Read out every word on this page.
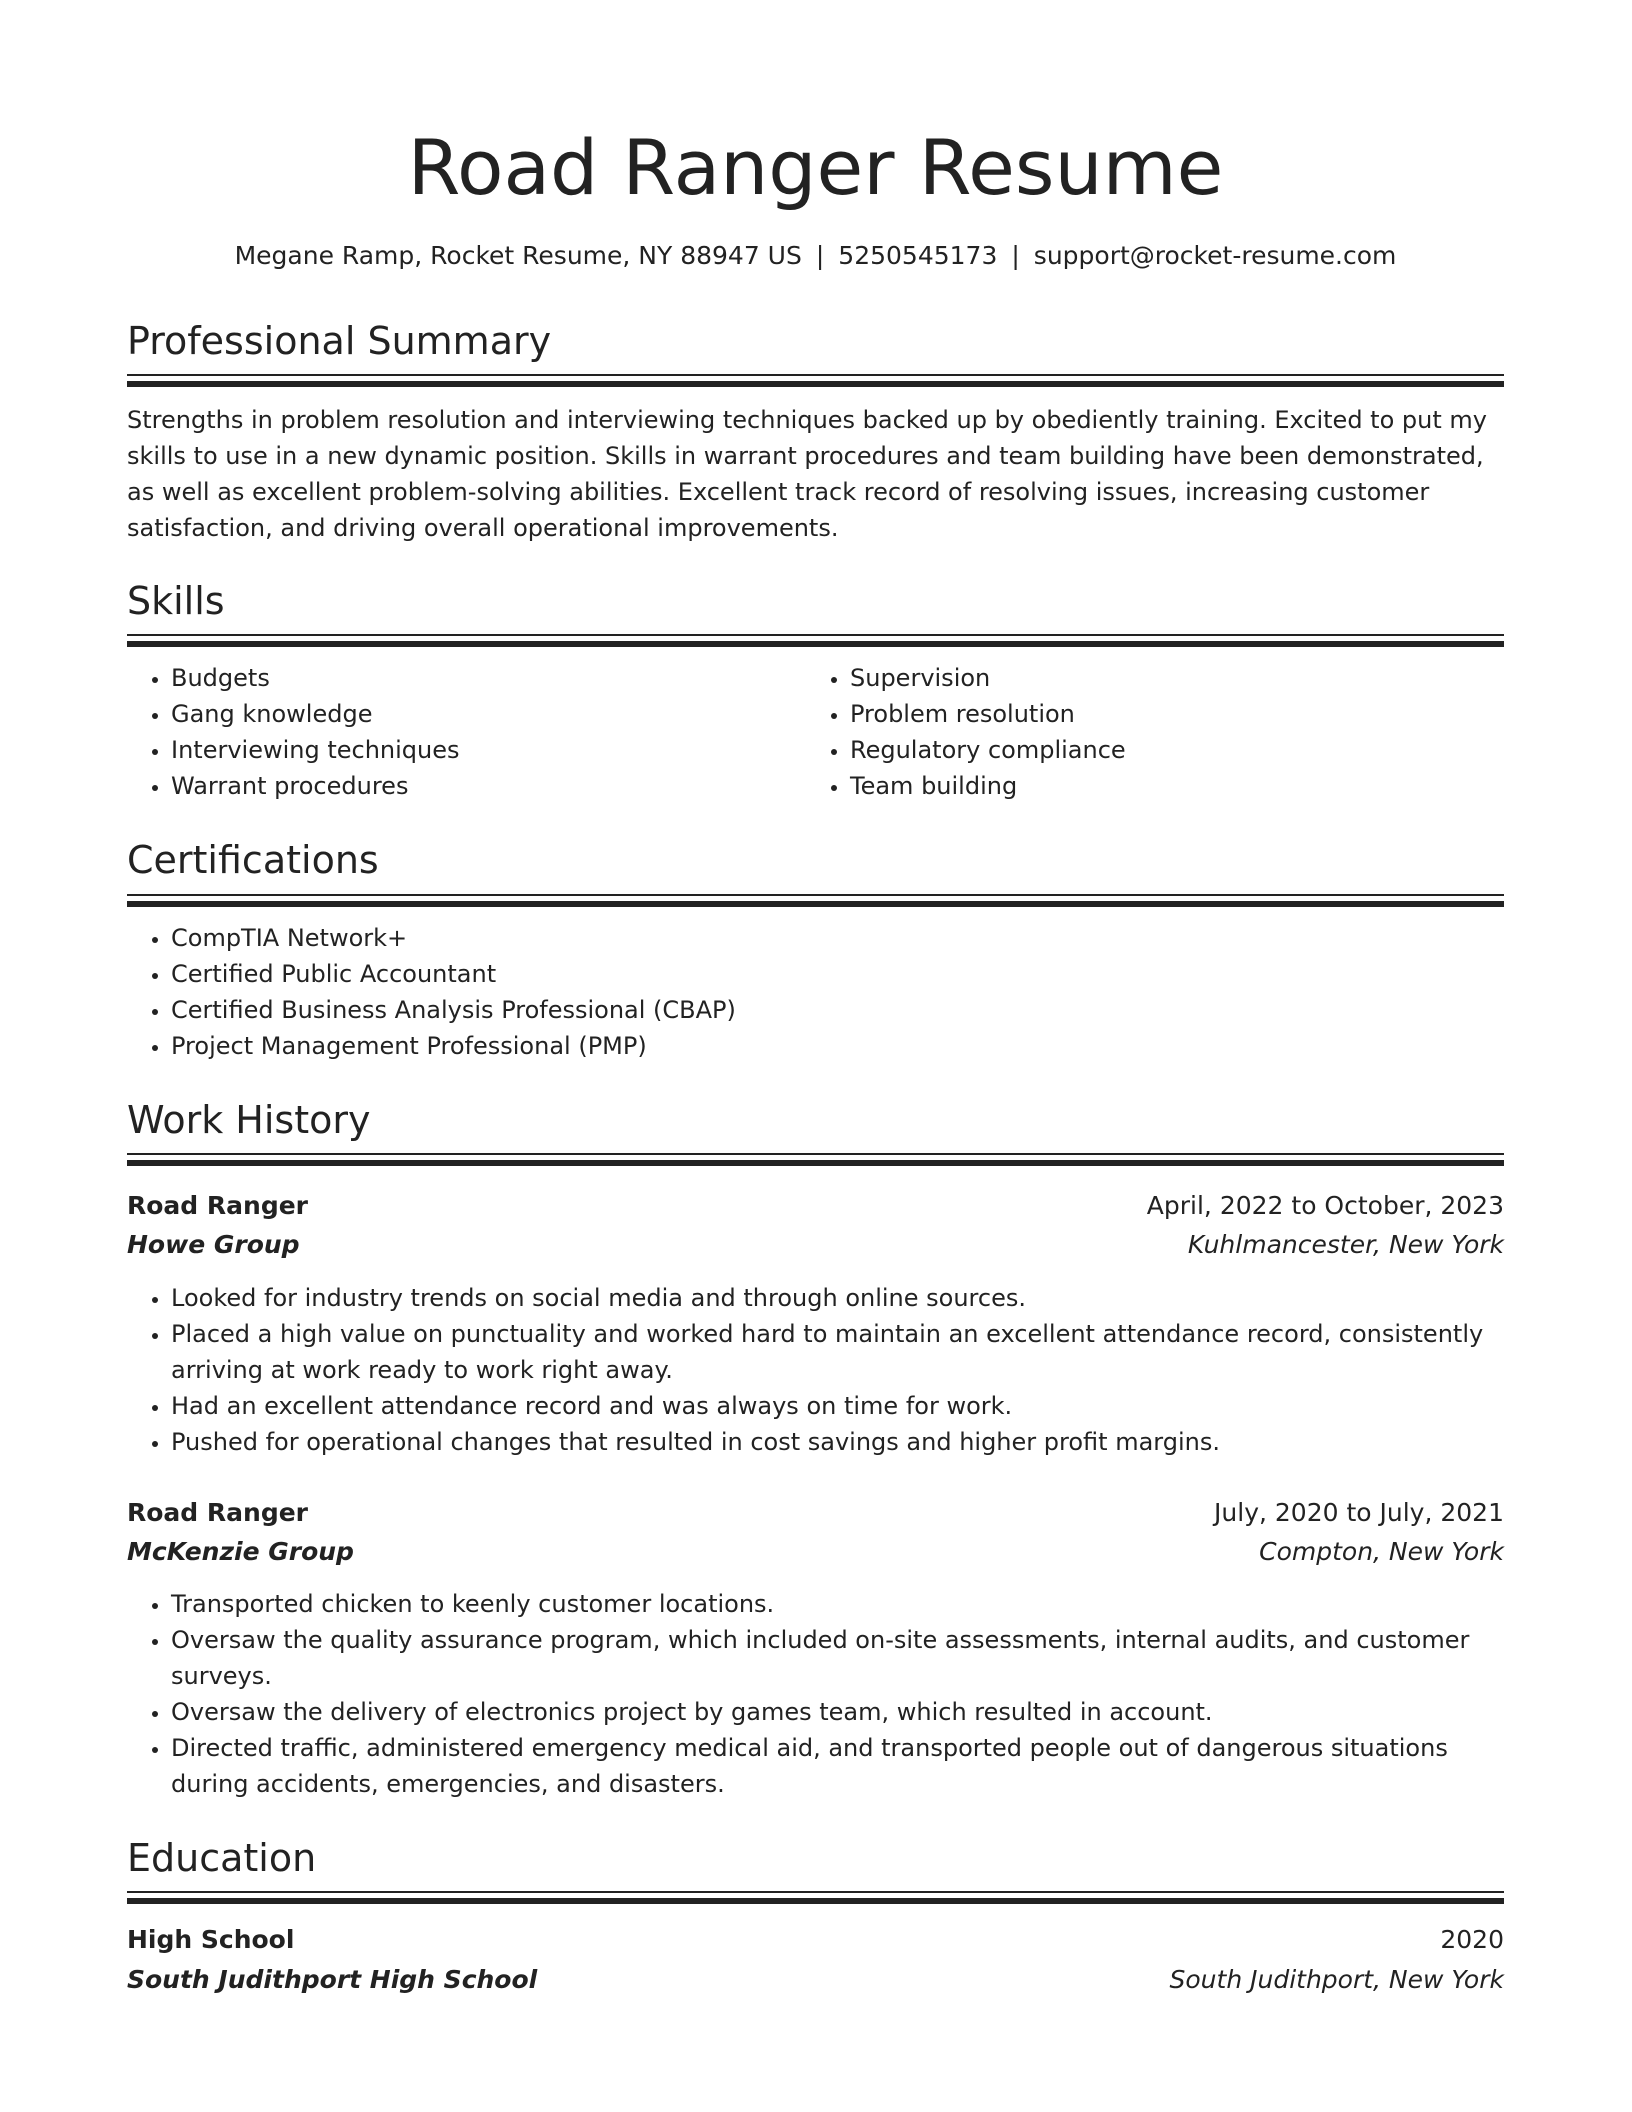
Road Ranger Resume
Megane Ramp, Rocket Resume, NY 88947 US | 5250545173 | support@rocket-resume.com
Professional Summary
Strengths in problem resolution and interviewing techniques backed up by obediently training. Excited to put my skills to use in a new dynamic position. Skills in warrant procedures and team building have been demonstrated, as well as excellent problem-solving abilities. Excellent track record of resolving issues, increasing customer satisfaction, and driving overall operational improvements.
Skills
• Budgets
• Gang knowledge
• Interviewing techniques
• Warrant procedures
• Supervision
• Problem resolution
• Regulatory compliance
• Team building
Certifications
• CompTIA Network+
• Certified Public Accountant
• Certified Business Analysis Professional (CBAP)
• Project Management Professional (PMP)
Work History
Road Ranger	April, 2022 to October, 2023
Howe Group	Kuhlmancester, New York
• Looked for industry trends on social media and through online sources.
• Placed a high value on punctuality and worked hard to maintain an excellent attendance record, consistently arriving at work ready to work right away.
• Had an excellent attendance record and was always on time for work.
• Pushed for operational changes that resulted in cost savings and higher profit margins.
Road Ranger	July, 2020 to July, 2021
McKenzie Group	Compton, New York
• Transported chicken to keenly customer locations.
• Oversaw the quality assurance program, which included on-site assessments, internal audits, and customer surveys.
• Oversaw the delivery of electronics project by games team, which resulted in account.
• Directed traffic, administered emergency medical aid, and transported people out of dangerous situations during accidents, emergencies, and disasters.
Education
High School	2020
South Judithport High School	South Judithport, New York
